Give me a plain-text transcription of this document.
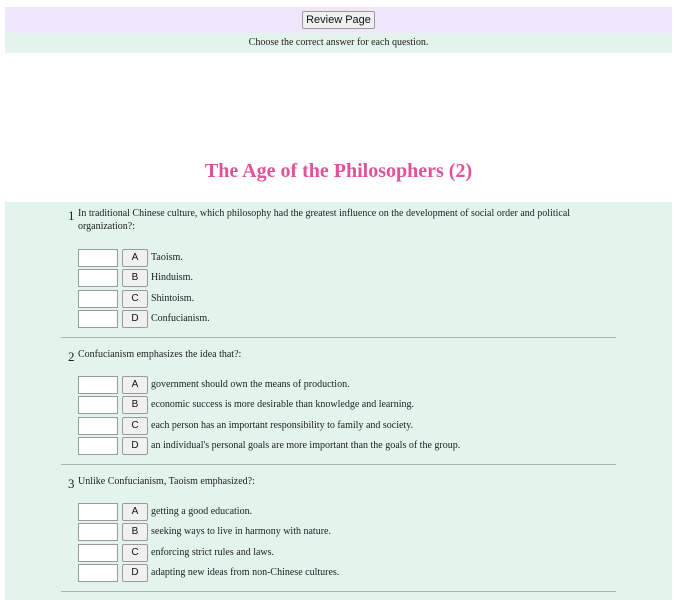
Review Page
Choose the correct answer for each question.
The Age of the Philosophers (2)
1 In traditional Chinese culture, which philosophy had the greatest influence on the development of social order and political organization?:
A	Taoism.
B	Hinduism.
C	Shintoism.
D	Confucianism.
2 Confucianism emphasizes the idea that?:
A	government should own the means of production.
B	economic success is more desirable than knowledge and learning.
C	each person has an important responsibility to family and society.
D	an individual's personal goals are more important than the goals of the group.
3 Unlike Confucianism, Taoism emphasized?:
A	getting a good education.
B	seeking ways to live in harmony with nature.
C	enforcing strict rules and laws.
D	adapting new ideas from non-Chinese cultures.
